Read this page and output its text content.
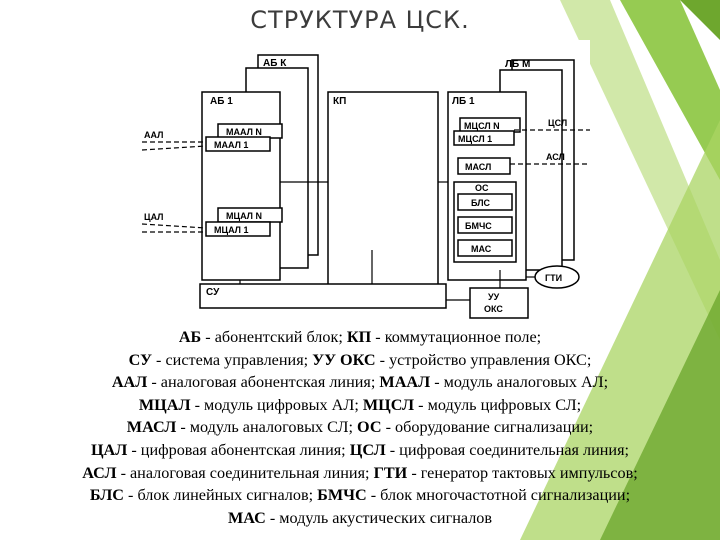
СТРУКТУРА ЦСК.
АБ К
АБ 1	КП
ЛБ М
ЛБ 1
СУ	УУ
ОКС
ГТИ
МААЛ N
МААЛ 1
МЦАЛ N
МЦАЛ 1
МЦСЛ N
МЦСЛ 1
МАСЛ
ОС
БЛС
БМЧС
МАС
ААЛ
ЦАЛ
ЦСЛ
АСЛ
АБ - абонентский блок; КП - коммутационное поле;
СУ - система управления; УУ ОКС - устройство управления ОКС;
ААЛ - аналоговая абонентская линия; МААЛ - модуль аналоговых АЛ;
МЦАЛ - модуль цифровых АЛ; МЦСЛ - модуль цифровых СЛ;
МАСЛ - модуль аналоговых СЛ; ОС - оборудование сигнализации;
ЦАЛ - цифровая абонентская линия; ЦСЛ - цифровая соединительная линия;
АСЛ - аналоговая соединительная линия; ГТИ - генератор тактовых импульсов;
БЛС - блок линейных сигналов; БМЧС - блок многочастотной сигнализации;
МАС - модуль акустических сигналов
